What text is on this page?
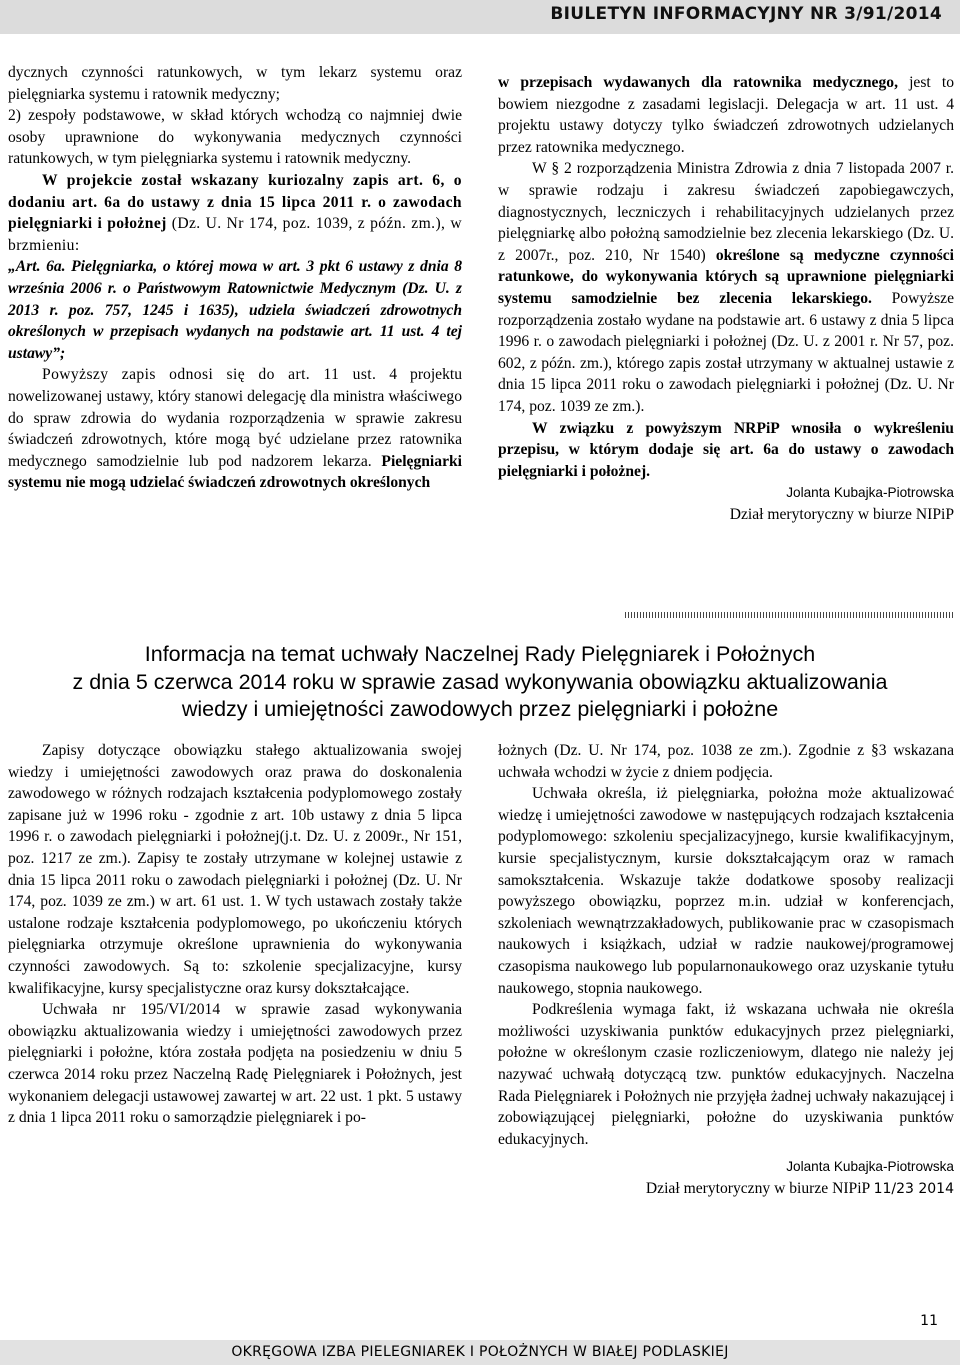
BIULETYN INFORMACYJNY NR 3/91/2014

dycznych czynności ratunkowych, w tym lekarz systemu oraz pielęgniarka systemu i ratownik medyczny;

2) zespoły podstawowe, w skład których wchodzą co najmniej dwie osoby uprawnione do wykonywania medycznych czynności ratunkowych, w tym pielęgniarka systemu i ratownik medyczny.

W projekcie został wskazany kuriozalny zapis art. 6, o dodaniu art. 6a do ustawy z dnia 15 lipca 2011 r. o zawodach pielęgniarki i położnej (Dz. U. Nr 174, poz. 1039, z późn. zm.), w brzmieniu:

„Art. 6a. Pielęgniarka, o której mowa w art. 3 pkt 6 ustawy z dnia 8 września 2006 r. o Państwowym Ratownictwie Medycznym (Dz. U. z 2013 r. poz. 757, 1245 i 1635), udziela świadczeń zdrowotnych określonych w przepisach wydanych na podstawie art. 11 ust. 4 tej ustawy”;

Powyższy zapis odnosi się do art. 11 ust. 4 projektu nowelizowanej ustawy, który stanowi delegację dla ministra właściwego do spraw zdrowia do wydania rozporządzenia w sprawie zakresu świadczeń zdrowotnych, które mogą być udzielane przez ratownika medycznego samodzielnie lub pod nadzorem lekarza. Pielęgniarki systemu nie mogą udzielać świadczeń zdrowotnych określonych

w przepisach wydawanych dla ratownika medycznego, jest to bowiem niezgodne z zasadami legislacji. Delegacja w art. 11 ust. 4 projektu ustawy dotyczy tylko świadczeń zdrowotnych udzielanych przez ratownika medycznego.

W § 2 rozporządzenia Ministra Zdrowia z dnia 7 listopada 2007 r. w sprawie rodzaju i zakresu świadczeń zapobiegawczych, diagnostycznych, leczniczych i rehabilitacyjnych udzielanych przez pielęgniarkę albo położną samodzielnie bez zlecenia lekarskiego (Dz. U. z 2007r., poz. 210, Nr 1540) określone są medyczne czynności ratunkowe, do wykonywania których są uprawnione pielęgniarki systemu samodzielnie bez zlecenia lekarskiego. Powyższe rozporządzenia zostało wydane na podstawie art. 6 ustawy z dnia 5 lipca 1996 r. o zawodach pielęgniarki i położnej (Dz. U. z 2001 r. Nr 57, poz. 602, z późn. zm.), którego zapis został utrzymany w aktualnej ustawie z dnia 15 lipca 2011 roku o zawodach pielęgniarki i położnej (Dz. U. Nr 174, poz. 1039 ze zm.).

W związku z powyższym NRPiP wnosiła o wykreśleniu przepisu, w którym dodaje się art. 6a do ustawy o zawodach pielęgniarki i położnej.

Jolanta Kubajka-Piotrowska

Dział merytoryczny w biurze NIPiP

Informacja na temat uchwały Naczelnej Rady Pielęgniarek i Położnych
z dnia 5 czerwca 2014 roku w sprawie zasad wykonywania obowiązku aktualizowania
wiedzy i umiejętności zawodowych przez pielęgniarki i położne

Zapisy dotyczące obowiązku stałego aktualizowania swojej wiedzy i umiejętności zawodowych oraz prawa do doskonalenia zawodowego w różnych rodzajach kształcenia podyplomowego zostały zapisane już w 1996 roku - zgodnie z art. 10b ustawy z dnia 5 lipca 1996 r. o zawodach pielęgniarki i położnej(j.t. Dz. U. z 2009r., Nr 151, poz. 1217 ze zm.). Zapisy te zostały utrzymane w kolejnej ustawie z dnia 15 lipca 2011 roku o zawodach pielęgniarki i położnej (Dz. U. Nr 174, poz. 1039 ze zm.) w art. 61 ust. 1. W tych ustawach zostały także ustalone rodzaje kształcenia podyplomowego, po ukończeniu których pielęgniarka otrzymuje określone uprawnienia do wykonywania czynności zawodowych. Są to: szkolenie specjalizacyjne, kursy kwalifikacyjne, kursy specjalistyczne oraz kursy dokształcające.

Uchwała nr 195/VI/2014 w sprawie zasad wykonywania obowiązku aktualizowania wiedzy i umiejętności zawodowych przez pielęgniarki i położne, która została podjęta na posiedzeniu w dniu 5 czerwca 2014 roku przez Naczelną Radę Pielęgniarek i Położnych, jest wykonaniem delegacji ustawowej zawartej w art. 22 ust. 1 pkt. 5 ustawy z dnia 1 lipca 2011 roku o samorządzie pielęgniarek i po-

łożnych (Dz. U. Nr 174, poz. 1038 ze zm.). Zgodnie z §3 wskazana uchwała wchodzi w życie z dniem podjęcia.

Uchwała określa, iż pielęgniarka, położna może aktualizować wiedzę i umiejętności zawodowe w następujących rodzajach kształcenia podyplomowego: szkoleniu specjalizacyjnego, kursie kwalifikacyjnym, kursie specjalistycznym, kursie dokształcającym oraz w ramach samokształcenia. Wskazuje także dodatkowe sposoby realizacji powyższego obowiązku, poprzez m.in. udział w konferencjach, szkoleniach wewnątrzzakładowych, publikowanie prac w czasopismach naukowych i książkach, udział w radzie naukowej/programowej czasopisma naukowego lub popularnonaukowego oraz uzyskanie tytułu naukowego, stopnia naukowego.

Podkreślenia wymaga fakt, iż wskazana uchwała nie określa możliwości uzyskiwania punktów edukacyjnych przez pielęgniarki, położne w określonym czasie rozliczeniowym, dlatego nie należy jej nazywać uchwałą dotyczącą tzw. punktów edukacyjnych. Naczelna Rada Pielęgniarek i Położnych nie przyjęła żadnej uchwały nakazującej i zobowiązującej pielęgniarki, położne do uzyskiwania punktów edukacyjnych.

Jolanta Kubajka-Piotrowska

Dział merytoryczny w biurze NIPiP 11/23 2014

11
OKRĘGOWA IZBA PIELEGNIAREK I POŁOŻNYCH W BIAŁEJ PODLASKIEJ
